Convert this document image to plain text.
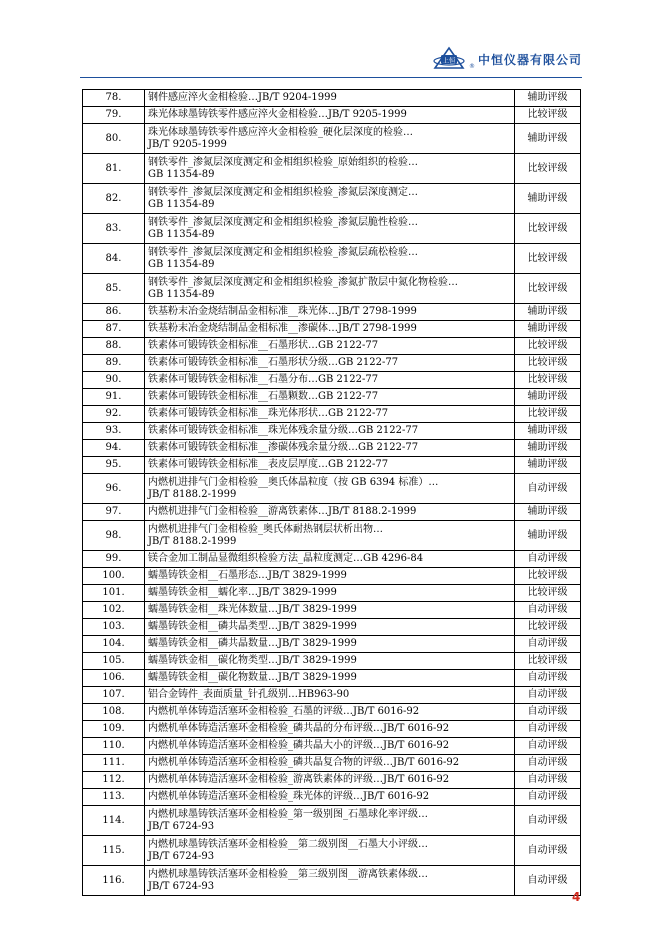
上恒
® 中恒仪器有限公司
78.	钢件感应淬火金相检验…JB/T 9204-1999	辅助评级
79.	珠光体球墨铸铁零件感应淬火金相检验…JB/T 9205-1999	比较评级
80.	珠光体球墨铸铁零件感应淬火金相检验_硬化层深度的检验…
JB/T 9205-1999	辅助评级
81.	钢铁零件_渗氮层深度测定和金相组织检验_原始组织的检验…
GB 11354-89	比较评级
82.	钢铁零件_渗氮层深度测定和金相组织检验_渗氮层深度测定…
GB 11354-89	辅助评级
83.	钢铁零件_渗氮层深度测定和金相组织检验_渗氮层脆性检验…
GB 11354-89	比较评级
84.	钢铁零件_渗氮层深度测定和金相组织检验_渗氮层疏松检验…
GB 11354-89	比较评级
85.	钢铁零件_渗氮层深度测定和金相组织检验_渗氮扩散层中氮化物检验…
GB 11354-89	比较评级
86.	铁基粉末冶金烧结制品金相标准__珠光体…JB/T 2798-1999	辅助评级
87.	铁基粉末冶金烧结制品金相标准__渗碳体…JB/T 2798-1999	辅助评级
88.	铁素体可锻铸铁金相标准__石墨形状…GB 2122-77	比较评级
89.	铁素体可锻铸铁金相标准__石墨形状分级…GB 2122-77	比较评级
90.	铁素体可锻铸铁金相标准__石墨分布…GB 2122-77	比较评级
91.	铁素体可锻铸铁金相标准__石墨颗数…GB 2122-77	辅助评级
92.	铁素体可锻铸铁金相标准__珠光体形状…GB 2122-77	比较评级
93.	铁素体可锻铸铁金相标准__珠光体残余量分级…GB 2122-77	辅助评级
94.	铁素体可锻铸铁金相标准__渗碳体残余量分级…GB 2122-77	辅助评级
95.	铁素体可锻铸铁金相标准__表皮层厚度…GB 2122-77	辅助评级
96.	内燃机进排气门金相检验__奥氏体晶粒度（按 GB 6394 标准）…
JB/T 8188.2-1999	自动评级
97.	内燃机进排气门金相检验__游离铁素体…JB/T 8188.2-1999	辅助评级
98.	内燃机进排气门金相检验_奥氏体耐热钢层状析出物…
JB/T 8188.2-1999	辅助评级
99.	镁合金加工制品显微组织检验方法_晶粒度测定…GB 4296-84	自动评级
100.	蠕墨铸铁金相__石墨形态…JB/T 3829-1999	比较评级
101.	蠕墨铸铁金相__蠕化率…JB/T 3829-1999	比较评级
102.	蠕墨铸铁金相__珠光体数量…JB/T 3829-1999	自动评级
103.	蠕墨铸铁金相__磷共晶类型…JB/T 3829-1999	比较评级
104.	蠕墨铸铁金相__磷共晶数量…JB/T 3829-1999	自动评级
105.	蠕墨铸铁金相__碳化物类型…JB/T 3829-1999	比较评级
106.	蠕墨铸铁金相__碳化物数量…JB/T 3829-1999	自动评级
107.	铝合金铸件_表面质量_针孔级别…HB963-90	自动评级
108.	内燃机单体铸造活塞环金相检验_石墨的评级…JB/T 6016-92	自动评级
109.	内燃机单体铸造活塞环金相检验_磷共晶的分布评级…JB/T 6016-92	自动评级
110.	内燃机单体铸造活塞环金相检验_磷共晶大小的评级…JB/T 6016-92	自动评级
111.	内燃机单体铸造活塞环金相检验_磷共晶复合物的评级…JB/T 6016-92	自动评级
112.	内燃机单体铸造活塞环金相检验_游离铁素体的评级…JB/T 6016-92	自动评级
113.	内燃机单体铸造活塞环金相检验_珠光体的评级…JB/T 6016-92	自动评级
114.	内燃机球墨铸铁活塞环金相检验_第一级别图_石墨球化率评级…
JB/T 6724-93	自动评级
115.	内燃机球墨铸铁活塞环金相检验__第二级别图__石墨大小评级…
JB/T 6724-93	自动评级
116.	内燃机球墨铸铁活塞环金相检验__第三级别图__游离铁素体级…
JB/T 6724-93	自动评级
4
